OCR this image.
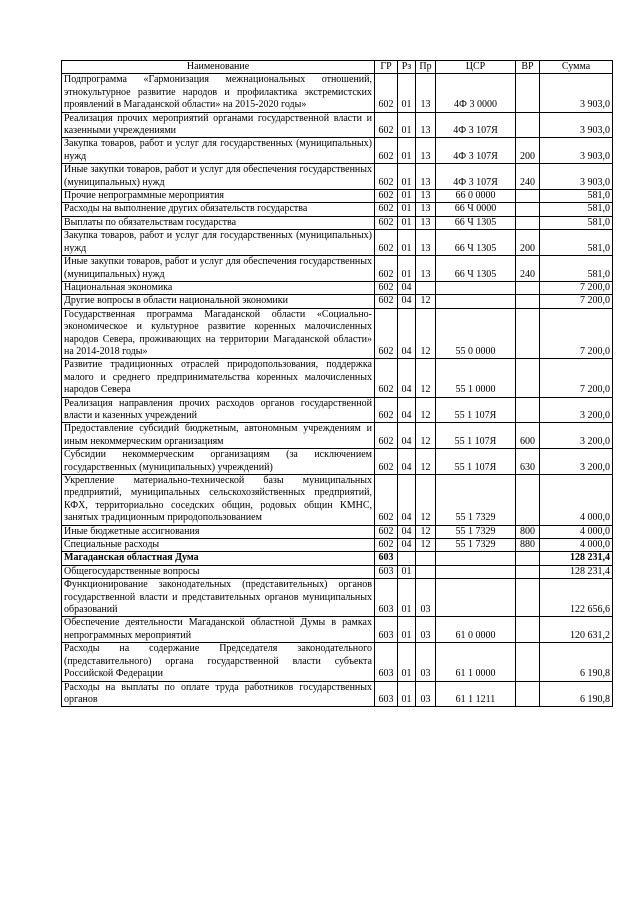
Наименование	ГР	Рз	Пр	ЦСР	ВР	Сумма
Подпрограмма «Гармонизация межнациональных отношений, этнокультурное развитие народов и профилактика экстремистских проявлений в Магаданской области» на 2015-2020 годы»	602	01	13	4Ф 3 0000		3 903,0
Реализация прочих мероприятий органами государственной власти и казенными учреждениями	602	01	13	4Ф 3 107Я		3 903,0
Закупка товаров, работ и услуг для государственных (муниципальных) нужд	602	01	13	4Ф 3 107Я	200	3 903,0
Иные закупки товаров, работ и услуг для обеспечения государственных (муниципальных) нужд	602	01	13	4Ф 3 107Я	240	3 903,0
Прочие непрограммные мероприятия	602	01	13	66 0 0000		581,0
Расходы на выполнение других обязательств государства	602	01	13	66 Ч 0000		581,0
Выплаты по обязательствам государства	602	01	13	66 Ч 1305		581,0
Закупка товаров, работ и услуг для государственных (муниципальных) нужд	602	01	13	66 Ч 1305	200	581,0
Иные закупки товаров, работ и услуг для обеспечения государственных (муниципальных) нужд	602	01	13	66 Ч 1305	240	581,0
Национальная экономика	602	04				7 200,0
Другие вопросы в области национальной экономики	602	04	12			7 200,0
Государственная программа Магаданской области «Социально-экономическое и культурное развитие коренных малочисленных народов Севера, проживающих на территории Магаданской области» на 2014-2018 годы»	602	04	12	55 0 0000		7 200,0
Развитие традиционных отраслей природопользования, поддержка малого и среднего предпринимательства коренных малочисленных народов Севера	602	04	12	55 1 0000		7 200,0
Реализация направления прочих расходов органов государственной власти и казенных учреждений	602	04	12	55 1 107Я		3 200,0
Предоставление субсидий бюджетным, автономным учреждениям и иным некоммерческим организациям	602	04	12	55 1 107Я	600	3 200,0
Субсидии некоммерческим организациям (за исключением государственных (муниципальных) учреждений)	602	04	12	55 1 107Я	630	3 200,0
Укрепление материально-технической базы муниципальных предприятий, муниципальных сельскохозяйственных предприятий, КФХ, территориально соседских общин, родовых общин КМНС, занятых традиционным природопользованием	602	04	12	55 1 7329		4 000,0
Иные бюджетные ассигнования	602	04	12	55 1 7329	800	4 000,0
Специальные расходы	602	04	12	55 1 7329	880	4 000,0
Магаданская областная Дума	603					128 231,4
Общегосударственные вопросы	603	01				128 231,4
Функционирование законодательных (представительных) органов государственной власти и представительных органов муниципальных образований	603	01	03			122 656,6
Обеспечение деятельности Магаданской областной Думы в рамках непрограммных мероприятий	603	01	03	61 0 0000		120 631,2
Расходы на содержание Председателя законодательного (представительного) органа государственной власти субъекта Российской Федерации	603	01	03	61 1 0000		6 190,8
Расходы на выплаты по оплате труда работников государственных органов	603	01	03	61 1 1211		6 190,8
